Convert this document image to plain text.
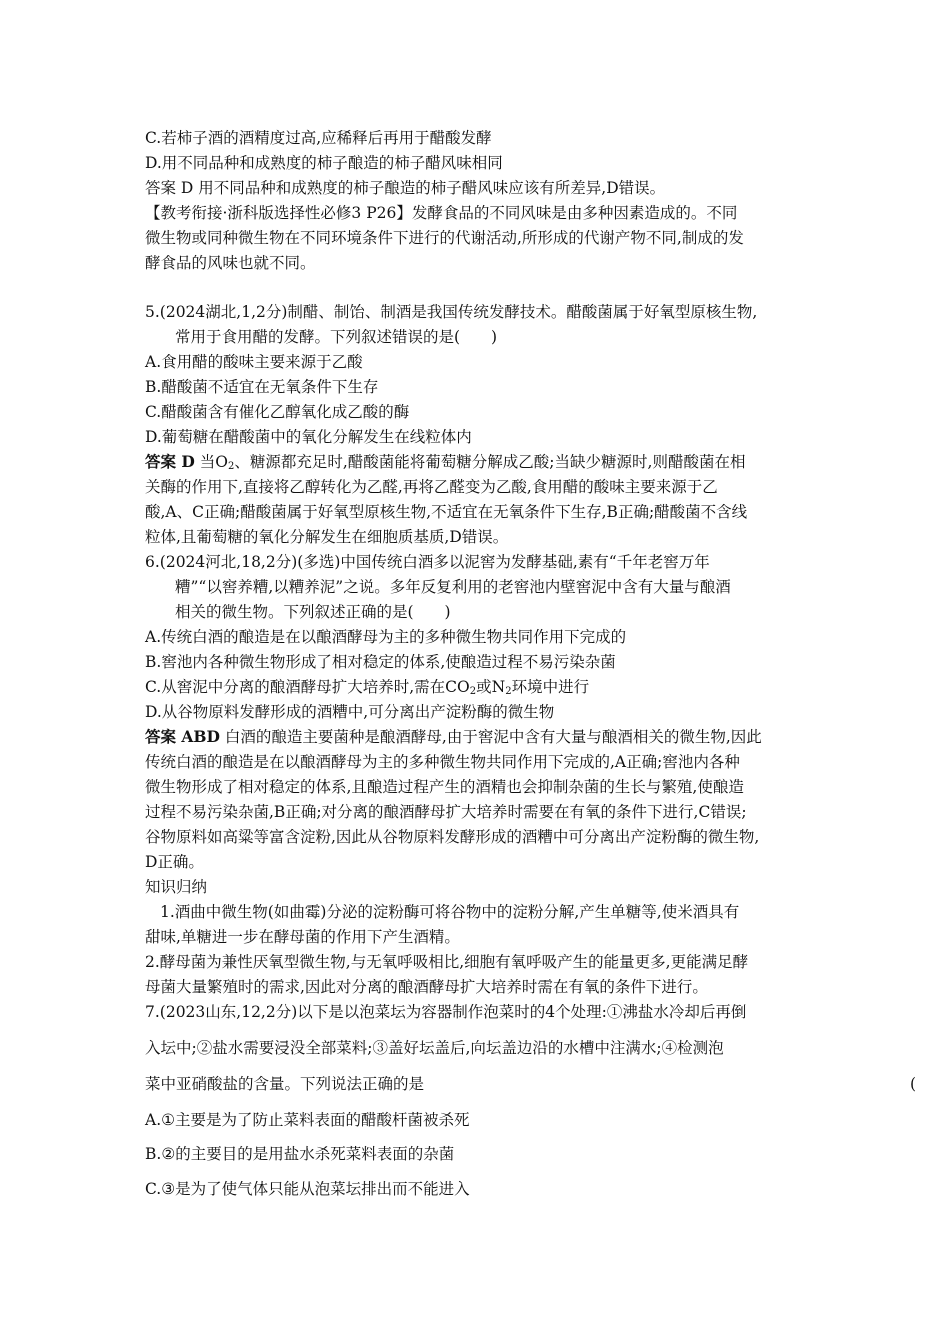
C.若柿子酒的酒精度过高,应稀释后再用于醋酸发酵
D.用不同品种和成熟度的柿子酿造的柿子醋风味相同
答案 D 用不同品种和成熟度的柿子酿造的柿子醋风味应该有所差异,D错误。
【教考衔接·浙科版选择性必修3 P26】发酵食品的不同风味是由多种因素造成的。不同
微生物或同种微生物在不同环境条件下进行的代谢活动,所形成的代谢产物不同,制成的发
酵食品的风味也就不同。
5.(2024湖北,1,2分)制醋、制饴、制酒是我国传统发酵技术。醋酸菌属于好氧型原核生物,
常用于食用醋的发酵。下列叙述错误的是(　　)
A.食用醋的酸味主要来源于乙酸
B.醋酸菌不适宜在无氧条件下生存
C.醋酸菌含有催化乙醇氧化成乙酸的酶
D.葡萄糖在醋酸菌中的氧化分解发生在线粒体内
答案 D 当$O_2$、糖源都充足时,醋酸菌能将葡萄糖分解成乙酸;当缺少糖源时,则醋酸菌在相
关酶的作用下,直接将乙醇转化为乙醛,再将乙醛变为乙酸,食用醋的酸味主要来源于乙
酸,A、C正确;醋酸菌属于好氧型原核生物,不适宜在无氧条件下生存,B正确;醋酸菌不含线
粒体,且葡萄糖的氧化分解发生在细胞质基质,D错误。
6.(2024河北,18,2分)(多选)中国传统白酒多以泥窖为发酵基础,素有“千年老窖万年
糟”“以窖养糟,以糟养泥”之说。多年反复利用的老窖池内壁窖泥中含有大量与酿酒
相关的微生物。下列叙述正确的是(　　)
A.传统白酒的酿造是在以酿酒酵母为主的多种微生物共同作用下完成的
B.窖池内各种微生物形成了相对稳定的体系,使酿造过程不易污染杂菌
C.从窖泥中分离的酿酒酵母扩大培养时,需在$CO_2$或$N_2$环境中进行
D.从谷物原料发酵形成的酒糟中,可分离出产淀粉酶的微生物
答案 ABD 白酒的酿造主要菌种是酿酒酵母,由于窖泥中含有大量与酿酒相关的微生物,因此
传统白酒的酿造是在以酿酒酵母为主的多种微生物共同作用下完成的,A正确;窖池内各种
微生物形成了相对稳定的体系,且酿造过程产生的酒精也会抑制杂菌的生长与繁殖,使酿造
过程不易污染杂菌,B正确;对分离的酿酒酵母扩大培养时需要在有氧的条件下进行,C错误;
谷物原料如高粱等富含淀粉,因此从谷物原料发酵形成的酒糟中可分离出产淀粉酶的微生物,
D正确。
知识归纳
1.酒曲中微生物(如曲霉)分泌的淀粉酶可将谷物中的淀粉分解,产生单糖等,使米酒具有
甜味,单糖进一步在酵母菌的作用下产生酒精。
2.酵母菌为兼性厌氧型微生物,与无氧呼吸相比,细胞有氧呼吸产生的能量更多,更能满足酵
母菌大量繁殖时的需求,因此对分离的酿酒酵母扩大培养时需在有氧的条件下进行。
7.(2023山东,12,2分)以下是以泡菜坛为容器制作泡菜时的4个处理:①沸盐水冷却后再倒
入坛中;②盐水需要浸没全部菜料;③盖好坛盖后,向坛盖边沿的水槽中注满水;④检测泡
菜中亚硝酸盐的含量。下列说法正确的是	(
A.①主要是为了防止菜料表面的醋酸杆菌被杀死
B.②的主要目的是用盐水杀死菜料表面的杂菌
C.③是为了使气体只能从泡菜坛排出而不能进入
